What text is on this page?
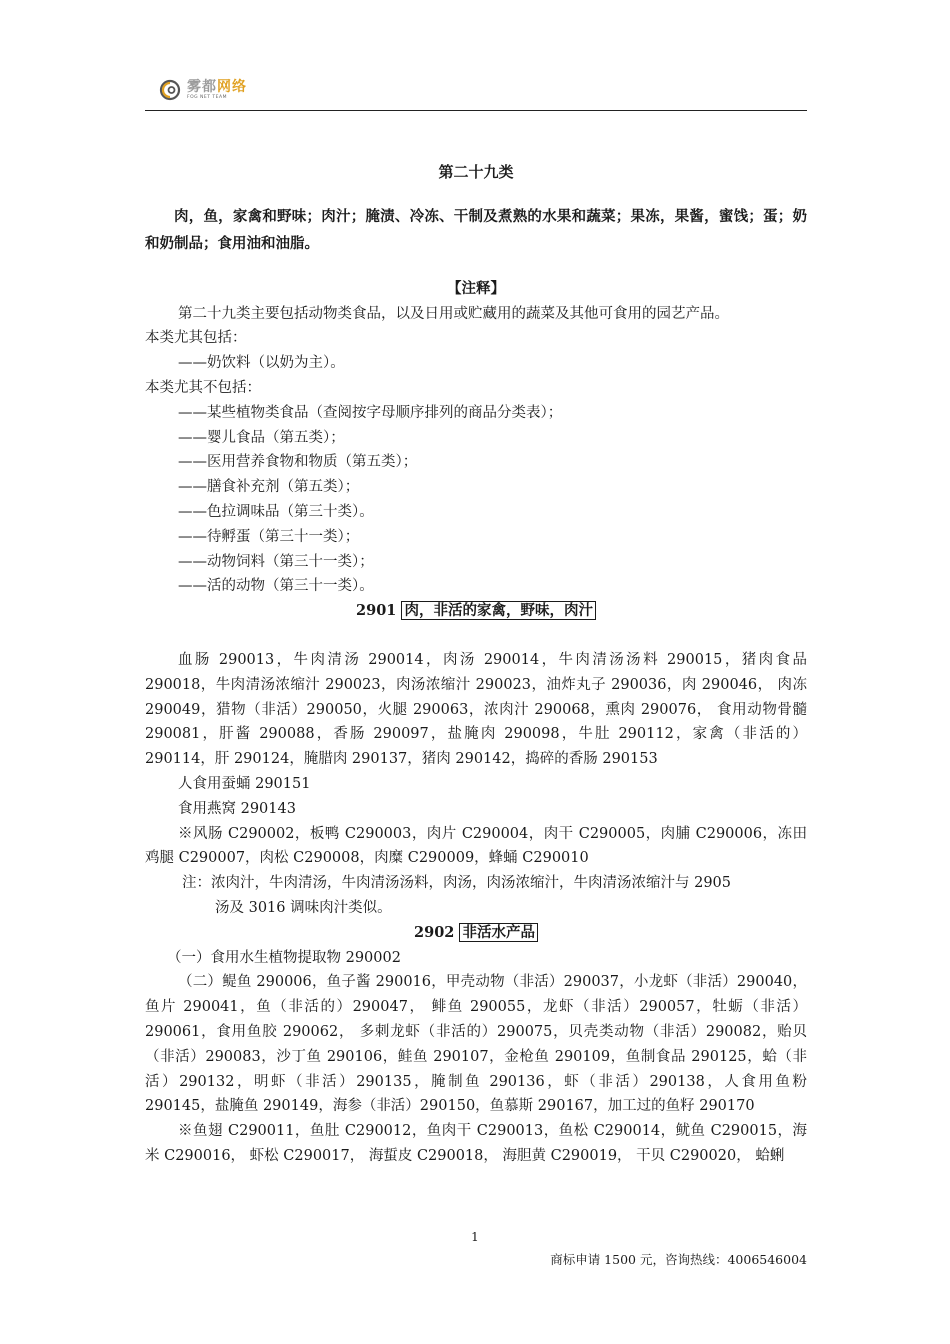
雾都网络
FOG NET TEAM

第二十九类

肉，鱼，家禽和野味；肉汁；腌渍、冷冻、干制及煮熟的水果和蔬菜；果冻，果酱，蜜饯；蛋；奶和奶制品；食用油和油脂。

【注释】

第二十九类主要包括动物类食品，以及日用或贮藏用的蔬菜及其他可食用的园艺产品。

本类尤其包括：

——奶饮料（以奶为主）。

本类尤其不包括：

——某些植物类食品（查阅按字母顺序排列的商品分类表）；

——婴儿食品（第五类）；

——医用营养食物和物质（第五类）；

——膳食补充剂（第五类）；

——色拉调味品（第三十类）。

——待孵蛋（第三十一类）；

——动物饲料（第三十一类）；

——活的动物（第三十一类）。

2901 肉，非活的家禽，野味，肉汁

血肠 290013，牛肉清汤 290014，肉汤 290014，牛肉清汤汤料 290015，猪肉食品 290018，牛肉清汤浓缩汁 290023，肉汤浓缩汁 290023，油炸丸子 290036，肉 290046， 肉冻 290049，猎物（非活）290050，火腿 290063，浓肉汁 290068，熏肉 290076， 食用动物骨髓 290081，肝酱 290088，香肠 290097，盐腌肉 290098，牛肚 290112，家禽（非活的）290114，肝 290124，腌腊肉 290137，猪肉 290142，捣碎的香肠 290153

人食用蚕蛹 290151

食用燕窝 290143

※风肠 C290002，板鸭 C290003，肉片 C290004，肉干 C290005，肉脯 C290006，冻田鸡腿 C290007，肉松 C290008，肉糜 C290009，蜂蛹 C290010

注：浓肉汁，牛肉清汤，牛肉清汤汤料，肉汤，肉汤浓缩汁，牛肉清汤浓缩汁与 2905

汤及 3016 调味肉汁类似。

2902 非活水产品

（一）食用水生植物提取物 290002

（二）鳀鱼 290006，鱼子酱 290016，甲壳动物（非活）290037，小龙虾（非活）290040，鱼片 290041，鱼（非活的）290047， 鲱鱼 290055，龙虾（非活）290057，牡蛎（非活）290061，食用鱼胶 290062， 多刺龙虾（非活的）290075，贝壳类动物（非活）290082，贻贝（非活）290083，沙丁鱼 290106，鲑鱼 290107，金枪鱼 290109，鱼制食品 290125，蛤（非活）290132，明虾（非活）290135，腌制鱼 290136，虾（非活）290138，人食用鱼粉 290145，盐腌鱼 290149，海参（非活）290150，鱼慕斯 290167，加工过的鱼籽 290170

※鱼翅 C290011，鱼肚 C290012，鱼肉干 C290013，鱼松 C290014，鱿鱼 C290015，海米 C290016， 虾松 C290017， 海蜇皮 C290018， 海胆黄 C290019， 干贝 C290020， 蛤蜊

1
商标申请 1500 元，咨询热线：4006546004
